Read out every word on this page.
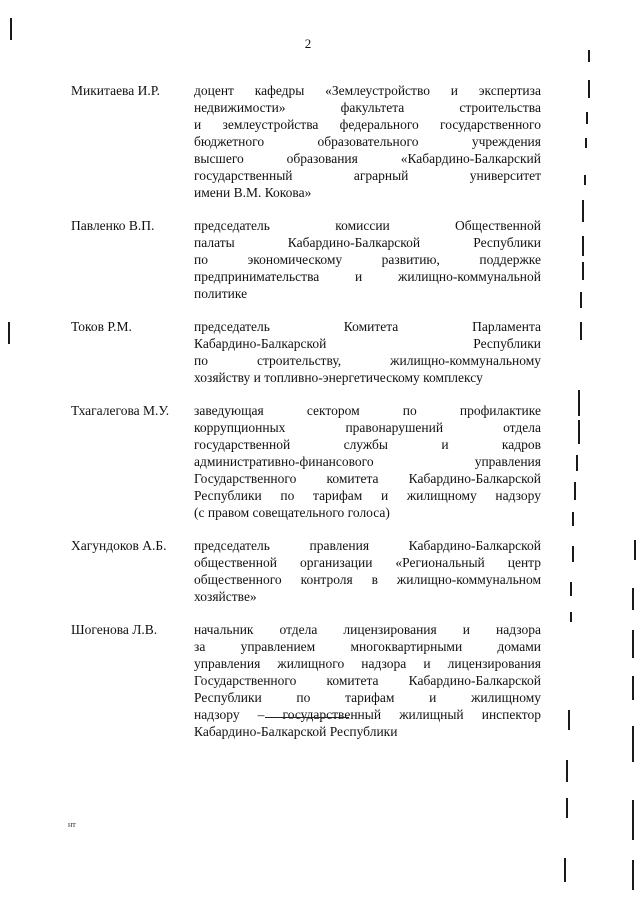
2
Микитаева И.Р.	доцент кафедры «Землеустройство и экспертиза
недвижимости» факультета строительства
и землеустройства федерального государственного
бюджетного образовательного учреждения
высшего образования «Кабардино-Балкарский
государственный аграрный университет
имени В.М. Кокова»
Павленко В.П.	председатель комиссии Общественной
палаты Кабардино-Балкарской Республики
по экономическому развитию, поддержке
предпринимательства и жилищно-коммунальной
политике
Токов Р.М.	председатель Комитета Парламента
Кабардино-Балкарской Республики
по строительству, жилищно-коммунальному
хозяйству и топливно-энергетическому комплексу
Тхагалегова М.У.	заведующая сектором по профилактике
коррупционных правонарушений отдела
государственной службы и кадров
административно-финансового управления
Государственного комитета Кабардино-Балкарской
Республики по тарифам и жилищному надзору
(с правом совещательного голоса)
Хагундоков А.Б.	председатель правления Кабардино-Балкарской
общественной организации «Региональный центр
общественного контроля в жилищно-коммунальном
хозяйстве»
Шогенова Л.В.	начальник отдела лицензирования и надзора
за управлением многоквартирными домами
управления жилищного надзора и лицензирования
Государственного комитета Кабардино-Балкарской
Республики по тарифам и жилищному
надзору – государственный жилищный инспектор
Кабардино-Балкарской Республики
нт
